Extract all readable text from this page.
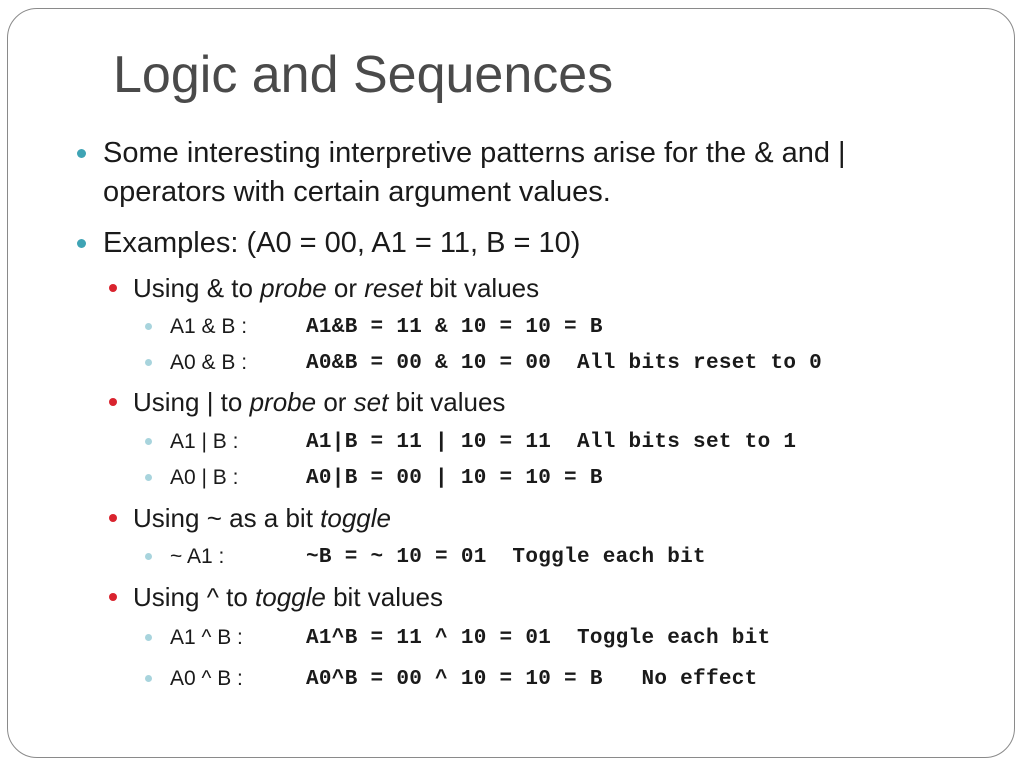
Logic and Sequences
Some interesting interpretive patterns arise for the & and | operators with certain argument values.
Examples: (A0 = 00, A1 = 11, B = 10)
Using & to probe or reset bit values
A1 & B :	A1&B = 11 & 10 = 10 = B
A0 & B :	A0&B = 00 & 10 = 00  All bits reset to 0
Using | to probe or set bit values
A1 | B :	A1|B = 11 | 10 = 11  All bits set to 1
A0 | B :	A0|B = 00 | 10 = 10 = B
Using ~ as a bit toggle
~ A1 :	~B = ~ 10 = 01  Toggle each bit
Using ^ to toggle bit values
A1 ^ B :	A1^B = 11 ^ 10 = 01  Toggle each bit
A0 ^ B :	A0^B = 00 ^ 10 = 10 = B   No effect
